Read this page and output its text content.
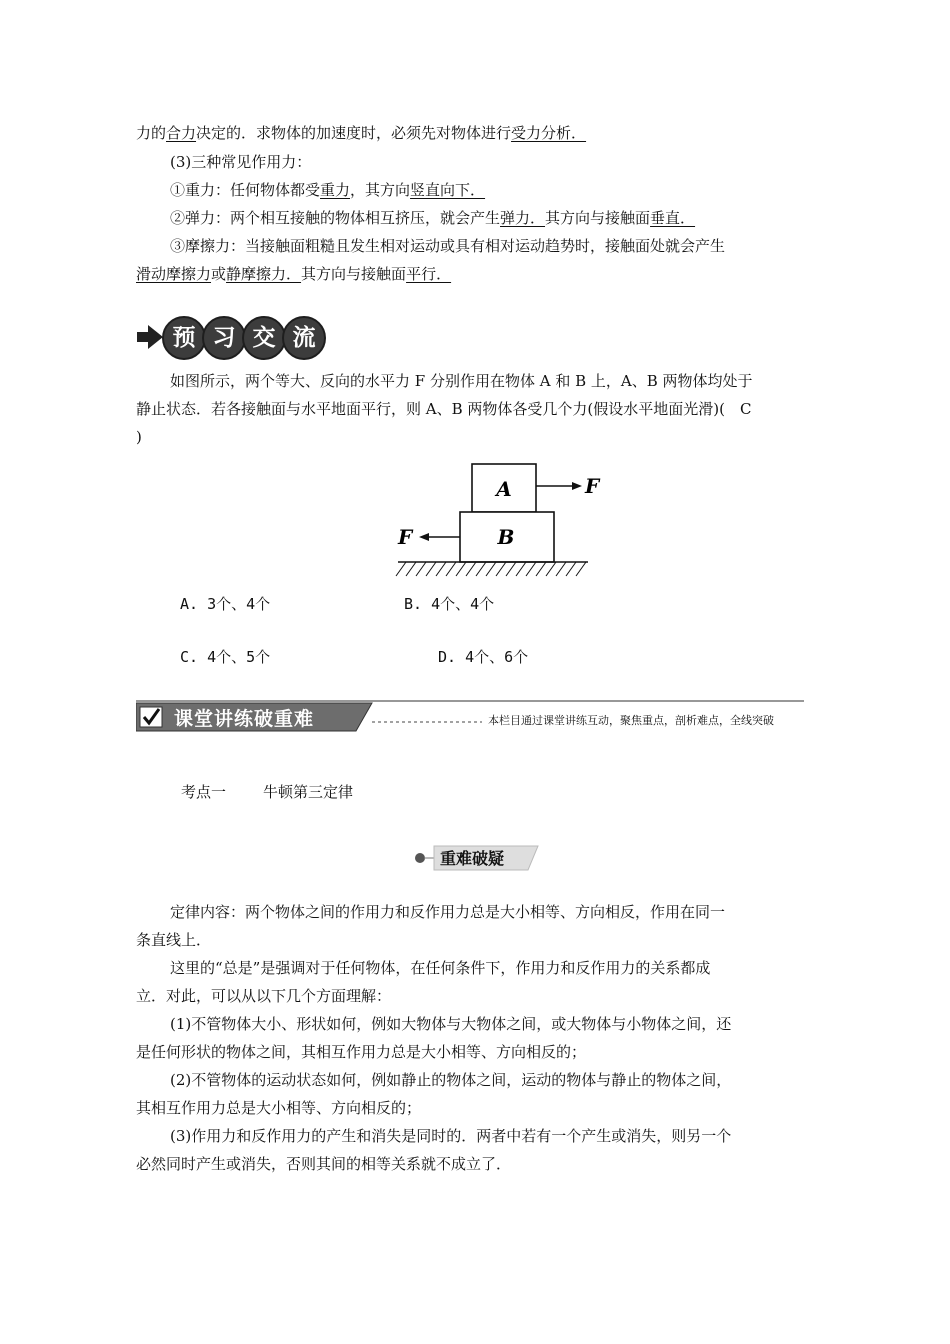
力的合力决定的．求物体的加速度时，必须先对物体进行受力分析．
(3)三种常见作用力：
①重力：任何物体都受重力，其方向竖直向下．
②弹力：两个相互接触的物体相互挤压，就会产生弹力．其方向与接触面垂直．
③摩擦力：当接触面粗糙且发生相对运动或具有相对运动趋势时，接触面处就会产生
滑动摩擦力或静摩擦力．其方向与接触面平行．
预 习 交 流
如图所示，两个等大、反向的水平力 F 分别作用在物体 A 和 B 上，A、B 两物体均处于
静止状态．若各接触面与水平地面平行，则 A、B 两物体各受几个力(假设水平地面光滑)(　C
)
A
B
F
F
A. 3个、4个	B. 4个、4个
C. 4个、5个	D. 4个、6个
课堂讲练破重难	本栏目通过课堂讲练互动，聚焦重点，剖析难点，全线突破
考点一 牛顿第三定律
重难破疑
定律内容：两个物体之间的作用力和反作用力总是大小相等、方向相反，作用在同一
条直线上．
这里的“总是”是强调对于任何物体，在任何条件下，作用力和反作用力的关系都成
立．对此，可以从以下几个方面理解：
(1)不管物体大小、形状如何，例如大物体与大物体之间，或大物体与小物体之间，还
是任何形状的物体之间，其相互作用力总是大小相等、方向相反的；
(2)不管物体的运动状态如何，例如静止的物体之间，运动的物体与静止的物体之间，
其相互作用力总是大小相等、方向相反的；
(3)作用力和反作用力的产生和消失是同时的．两者中若有一个产生或消失，则另一个
必然同时产生或消失，否则其间的相等关系就不成立了．
